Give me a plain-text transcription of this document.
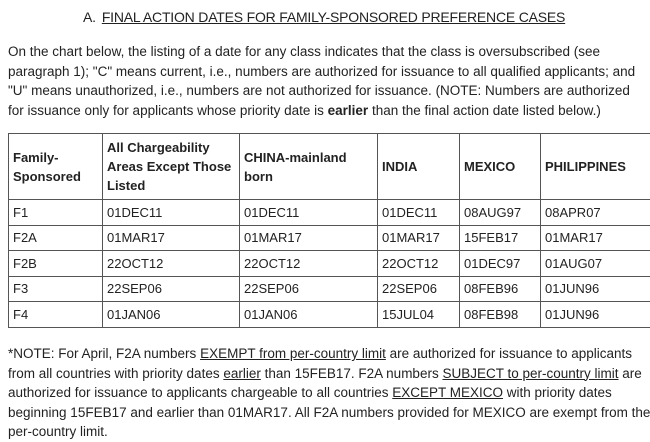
A. FINAL ACTION DATES FOR FAMILY-SPONSORED PREFERENCE CASES

On the chart below, the listing of a date for any class indicates that the class is oversubscribed (see paragraph 1); "C" means current, i.e., numbers are authorized for issuance to all qualified applicants; and "U" means unauthorized, i.e., numbers are not authorized for issuance. (NOTE: Numbers are authorized for issuance only for applicants whose priority date is earlier than the final action date listed below.)

Family-Sponsored	All Chargeability Areas Except Those Listed	CHINA-mainland born	INDIA	MEXICO	PHILIPPINES
F1	01DEC11	01DEC11	01DEC11	08AUG97	08APR07
F2A	01MAR17	01MAR17	01MAR17	15FEB17	01MAR17
F2B	22OCT12	22OCT12	22OCT12	01DEC97	01AUG07
F3	22SEP06	22SEP06	22SEP06	08FEB96	01JUN96
F4	01JAN06	01JAN06	15JUL04	08FEB98	01JUN96

*NOTE: For April, F2A numbers EXEMPT from per-country limit are authorized for issuance to applicants from all countries with priority dates earlier than 15FEB17. F2A numbers SUBJECT to per-country limit are authorized for issuance to applicants chargeable to all countries EXCEPT MEXICO with priority dates beginning 15FEB17 and earlier than 01MAR17. All F2A numbers provided for MEXICO are exempt from the per-country limit.
